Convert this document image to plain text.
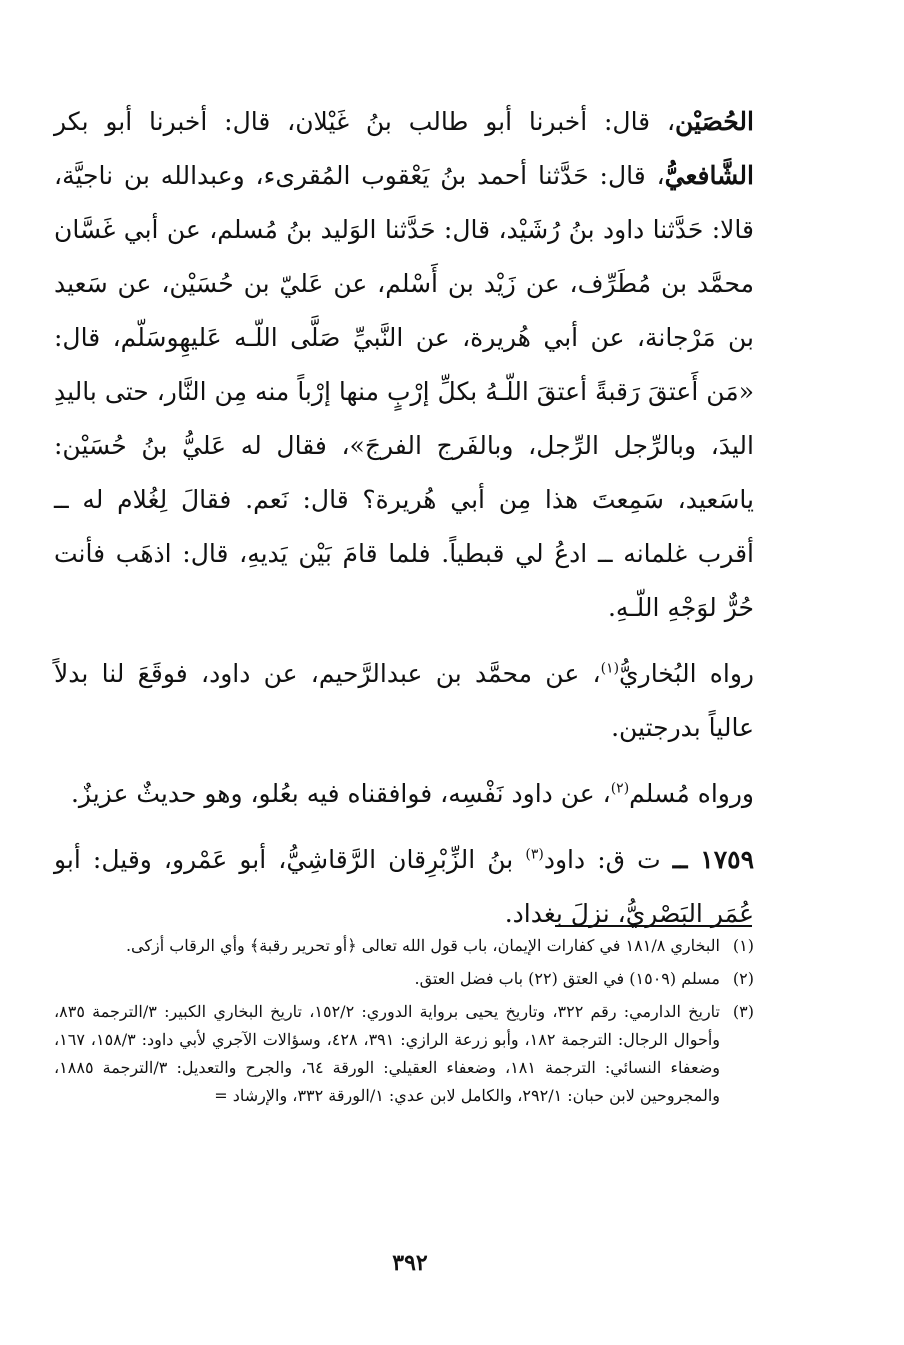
الحُصَيْن، قال: أخبرنا أبو طالب بنُ غَيْلان، قال: أخبرنا أبو بكر الشَّافعيُّ، قال: حَدَّثنا أحمد بنُ يَعْقوب المُقرىء، وعبدالله بن ناجيَّة، قالا: حَدَّثنا داود بنُ رُشَيْد، قال: حَدَّثنا الوَليد بنُ مُسلم، عن أبي غَسَّان محمَّد بن مُطَرِّف، عن زَيْد بن أَسْلم، عن عَليّ بن حُسَيْن، عن سَعيد بن مَرْجانة، عن أبي هُريرة، عن النَّبيِّ صَلَّى اللّـه عَليهِوسَلّم، قال: «مَن أَعتقَ رَقبةً أعتقَ اللّـهُ بكلِّ إرْبٍ منها إرْباً منه مِن النَّار، حتى باليدِ اليدَ، وبالرِّجل الرِّجل، وبالفَرج الفرجَ»، فقال له عَليُّ بنُ حُسَيْن: ياسَعيد، سَمِعتَ هذا مِن أبي هُريرة؟ قال: نَعم. فقالَ لِغُلام له ــ أقرب غلمانه ــ ادعُ لي قبطياً. فلما قامَ بَيْن يَديهِ، قال: اذهَب فأنت حُرٌّ لوَجْهِ اللّـهِ.

رواه البُخاريُّ$^{(١)}$، عن محمَّد بن عبدالرَّحيم، عن داود، فوقَعَ لنا بدلاً عالياً بدرجتين.

ورواه مُسلم$^{(٢)}$، عن داود نَفْسِه، فوافقناه فيه بعُلو، وهو حديثٌ عزيزٌ.

١٧٥٩ ــ ت ق: داود$^{(٣)}$ بنُ الزِّبْرِقان الرَّقاشِيُّ، أبو عَمْرو، وقيل: أبو عُمَر البَصْريُّ، نزلَ بغداد.

(١)
البخاري ١٨١/٨ في كفارات الإيمان، باب قول الله تعالى ﴿أو تحرير رقبة﴾ وأي الرقاب أزكى.

(٢)
مسلم (١٥٠٩) في العتق (٢٢) باب فضل العتق.

(٣)
تاريخ الدارمي: رقم ٣٢٢، وتاريخ يحيى برواية الدوري: ١٥٢/٢، تاريخ البخاري الكبير: ٣/الترجمة ٨٣٥، وأحوال الرجال: الترجمة ١٨٢، وأبو زرعة الرازي: ٣٩١، ٤٢٨، وسؤالات الآجري لأبي داود: ١٥٨/٣، ١٦٧، وضعفاء النسائي: الترجمة ١٨١، وضعفاء العقيلي: الورقة ٦٤، والجرح والتعديل: ٣/الترجمة ١٨٨٥، والمجروحين لابن حبان: ٢٩٢/١، والكامل لابن عدي: ١/الورقة ٣٣٢، والإرشاد =

٣٩٢
